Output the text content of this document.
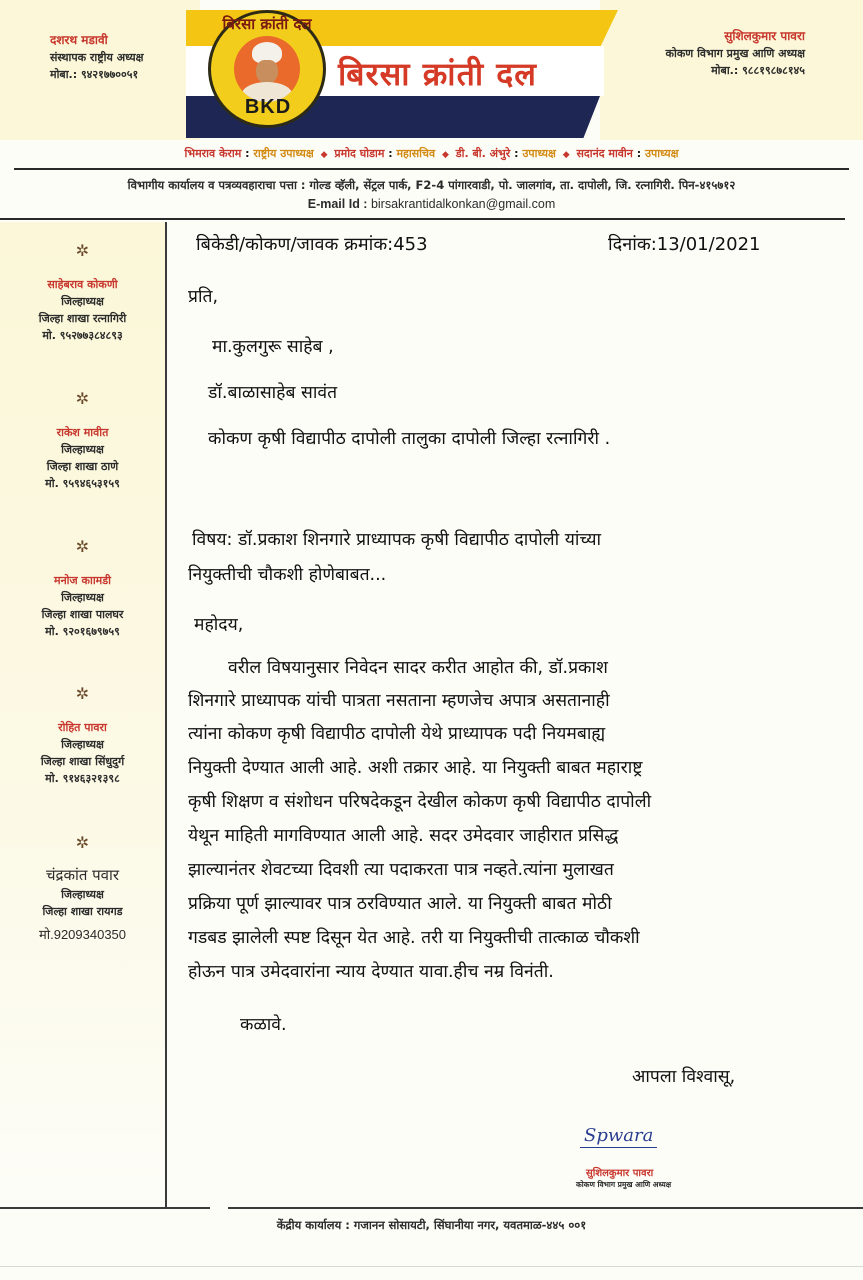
बिरसा क्रांती दल
BKD
बिरसा क्रांती दल
दशरथ मडावी
संस्थापक राष्ट्रीय अध्यक्ष
मोबा.: ९४२१७७००५१
सुशिलकुमार पावरा
कोकण विभाग प्रमुख आणि अध्यक्ष
मोबा.: ९८८१९८७८१४५
भिमराव केराम : राष्ट्रीय उपाध्यक्ष ◆ प्रमोद घोडाम : महासचिव ◆ डी. बी. अंभुरे : उपाध्यक्ष ◆ सदानंद मावीन : उपाध्यक्ष
विभागीय कार्यालय व पत्रव्यवहाराचा पत्ता : गोल्ड व्हॅली, सेंट्रल पार्क, F2-4 पांगारवाडी, पो. जालगांव, ता. दापोली, जि. रत्नागिरी. पिन-४१५७१२
E-mail Id : birsakrantidalkonkan@gmail.com
✲
साहेबराव कोकणी
जिल्हाध्यक्ष
जिल्हा शाखा रत्नागिरी
मो. ९५२७७३८४८९३
✲
राकेश मावीत
जिल्हाध्यक्ष
जिल्हा शाखा ठाणे
मो. ९५९४६५३१५९
✲
मनोज काामडी
जिल्हाध्यक्ष
जिल्हा शाखा पालघर
मो. ९२०१६७९७५९
✲
रोहित पावरा
जिल्हाध्यक्ष
जिल्हा शाखा सिंधुदुर्ग
मो. ९१४६३२१३९८
✲
चंद्रकांत पवार
जिल्हाध्यक्ष
जिल्हा शाखा रायगड
मो.9209340350
बिकेडी/कोकण/जावक क्रमांक:453	दिनांक:13/01/2021
प्रति,
मा.कुलगुरू साहेब ,
डॉ.बाळासाहेब सावंत
कोकण कृषी विद्यापीठ दापोली तालुका दापोली जिल्हा रत्नागिरी .
विषय: डॉ.प्रकाश शिनगारे प्राध्यापक कृषी विद्यापीठ दापोली यांच्या
नियुक्तीची चौकशी होणेबाबत...
महोदय,
वरील विषयानुसार निवेदन सादर करीत आहोत की, डॉ.प्रकाश
शिनगारे प्राध्यापक यांची पात्रता नसताना म्हणजेच अपात्र असतानाही
त्यांना कोकण कृषी विद्यापीठ दापोली येथे प्राध्यापक पदी नियमबाह्य
नियुक्ती देण्यात आली आहे. अशी तक्रार आहे. या नियुक्ती बाबत महाराष्ट्र
कृषी शिक्षण व संशोधन परिषदेकडून देखील कोकण कृषी विद्यापीठ दापोली
येथून माहिती मागविण्यात आली आहे. सदर उमेदवार जाहीरात प्रसिद्ध
झाल्यानंतर शेवटच्या दिवशी त्या पदाकरता पात्र नव्हते.त्यांना मुलाखत
प्रक्रिया पूर्ण झाल्यावर पात्र ठरविण्यात आले. या नियुक्ती बाबत मोठी
गडबड झालेली स्पष्ट दिसून येत आहे. तरी या नियुक्तीची तात्काळ चौकशी
होऊन पात्र उमेदवारांना न्याय देण्यात यावा.हीच नम्र विनंती.
कळावे.
आपला विश्वासू,
Spwara
सुशिलकुमार पावरा
कोकण विभाग प्रमुख आणि अध्यक्ष
केंद्रीय कार्यालय : गजानन सोसायटी, सिंघानीया नगर, यवतमाळ-४४५ ००१
